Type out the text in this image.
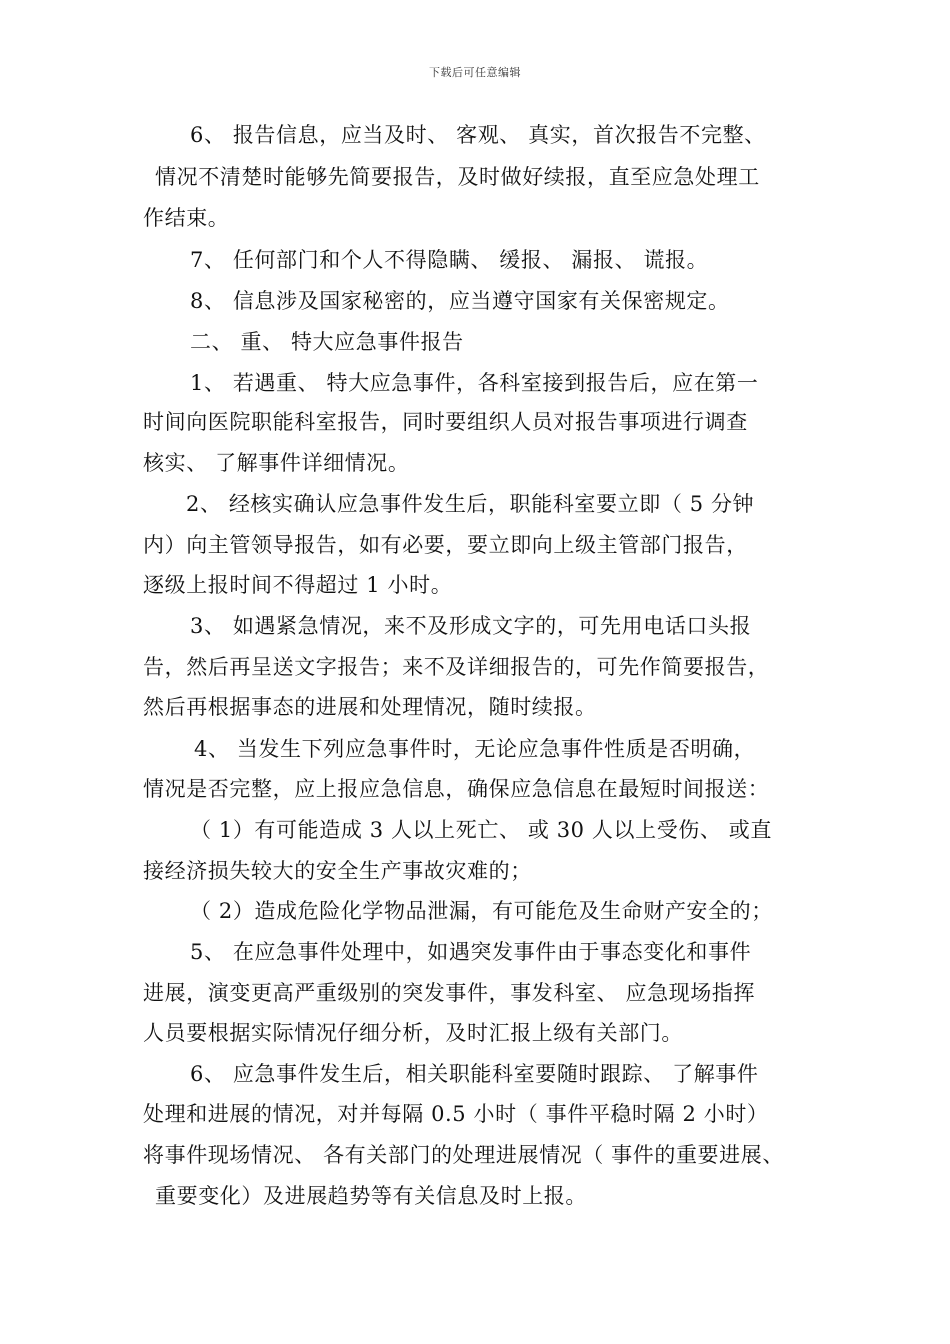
下载后可任意编辑
6、 报告信息，应当及时、 客观、 真实，首次报告不完整、
情况不清楚时能够先简要报告，及时做好续报，直至应急处理工
作结束。
7、 任何部门和个人不得隐瞒、 缓报、 漏报、 谎报。
8、 信息涉及国家秘密的，应当遵守国家有关保密规定。
二、 重、 特大应急事件报告
1、 若遇重、 特大应急事件，各科室接到报告后，应在第一
时间向医院职能科室报告，同时要组织人员对报告事项进行调查
核实、 了解事件详细情况。
2、 经核实确认应急事件发生后，职能科室要立即（ 5 分钟
内）向主管领导报告，如有必要，要立即向上级主管部门报告，
逐级上报时间不得超过 1 小时。
3、 如遇紧急情况，来不及形成文字的，可先用电话口头报
告，然后再呈送文字报告；来不及详细报告的，可先作简要报告，
然后再根据事态的进展和处理情况，随时续报。
4、 当发生下列应急事件时，无论应急事件性质是否明确，
情况是否完整，应上报应急信息，确保应急信息在最短时间报送：
（ 1）有可能造成 3 人以上死亡、 或 30 人以上受伤、 或直
接经济损失较大的安全生产事故灾难的；
（ 2）造成危险化学物品泄漏，有可能危及生命财产安全的；
5、 在应急事件处理中，如遇突发事件由于事态变化和事件
进展，演变更高严重级别的突发事件，事发科室、 应急现场指挥
人员要根据实际情况仔细分析，及时汇报上级有关部门。
6、 应急事件发生后，相关职能科室要随时跟踪、 了解事件
处理和进展的情况，对并每隔 0.5 小时（ 事件平稳时隔 2 小时）
将事件现场情况、 各有关部门的处理进展情况（ 事件的重要进展、
重要变化）及进展趋势等有关信息及时上报。
